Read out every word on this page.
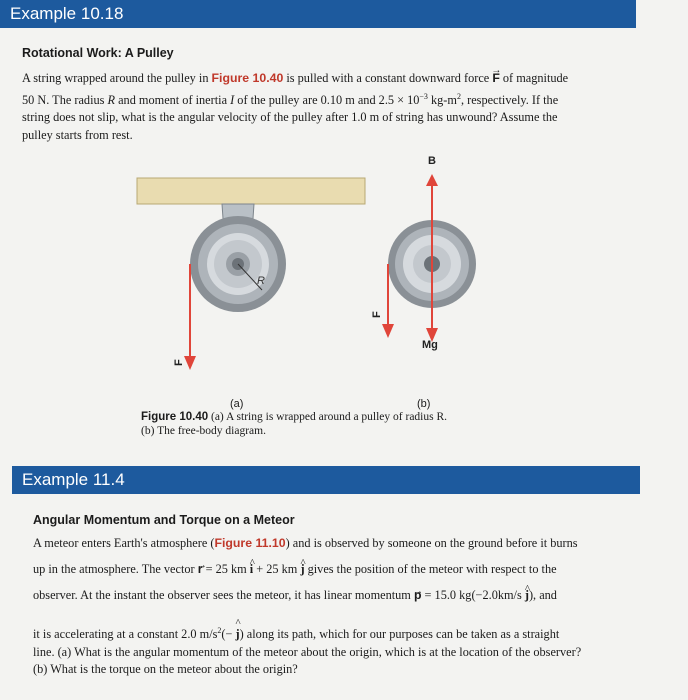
Example 10.18
Rotational Work: A Pulley

A string wrapped around the pulley in Figure 10.40 is pulled with a constant downward force → F of magnitude
50 N. The radius R and moment of inertia I of the pulley are 0.10 m and $2.5 \times 10^{-3}$ $kg-m^2$, respectively. If the
string does not slip, what is the angular velocity of the pulley after 1.0 m of string has unwound? Assume the
pulley starts from rest.

R
F
B
Mg
F
(a)	(b)
Figure 10.40 (a) A string is wrapped around a pulley of radius R.
(b) The free-body diagram.
Example 11.4
Angular Momentum and Torque on a Meteor

A meteor enters Earth's atmosphere (Figure 11.10) and is observed by someone on the ground before it burns
up in the atmosphere. The vector → r = 25 km ^ i + 25 km ^ j gives the position of the meteor with respect to the
observer. At the instant the observer sees the meteor, it has linear momentum → p = 15.0 kg(−2.0km/s ^ j), and

it is accelerating at a constant 2.0 $m/s^2(-$ ^ j) along its path, which for our purposes can be taken as a straight
line. (a) What is the angular momentum of the meteor about the origin, which is at the location of the observer?
(b) What is the torque on the meteor about the origin?
